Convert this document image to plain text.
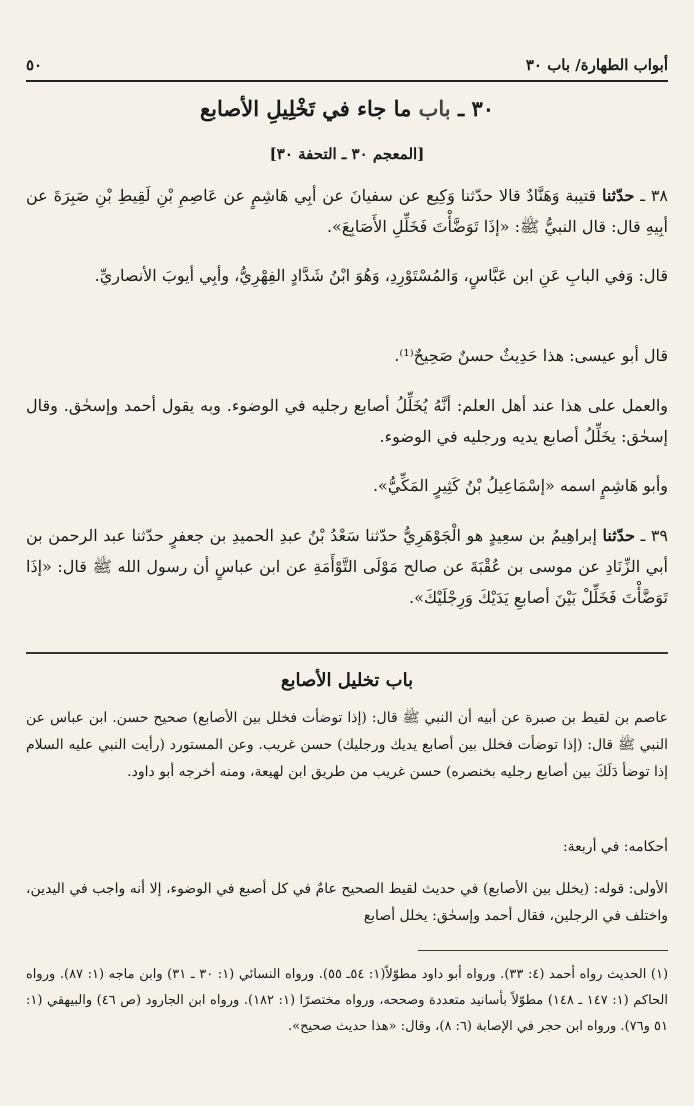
أبواب الطهارة/ باب ٣٠
٥٠
٣٠ ـ باب ما جاء في تَخْلِيلِ الأصابع
[المعجم ٣٠ ـ التحفة ٣٠]

٣٨ ـ حدّثنا قتيبة وَهَنَّادٌ قالا حدّثنا وَكِيع عن سفيانَ عن أبِي هَاشِمٍ عن عَاصِمِ بْنِ لَقِيطِ بْنِ صَبِرَةَ عن أبِيهِ قال: قال النبيُّ ﷺ: «إذَا تَوَضَّأْتَ فَخَلِّلِ الأَصَابِعَ».

قال: وَفي البابِ عَنِ ابن عَبَّاسٍ، وَالمُسْتَوْرِدِ، وَهُوَ ابْنُ شَدَّادٍ الفِهْرِيُّ، وأبِي أيوبَ الأنصاريِّ.

قال أبو عيسى: هذا حَدِيثٌ حسنٌ صَحِيحٌ⁽¹⁾.

والعمل على هذا عند أهل العلم: أنَّهُ يُخَلِّلُ أصابع رجليه في الوضوء. وبه يقول أحمد وإسحٰق. وقال إسحٰق: يخَلِّلُ أصابع يديه ورجليه في الوضوء.

وأبو هَاشِمٍ اسمه «إسْمَاعِيلُ بْنُ كَثِيرٍ المَكِّيُّ».

٣٩ ـ حدّثنا إبراهِيمُ بن سعِيدٍ هو الْجَوْهَرِيُّ حدّثنا سَعْدُ بْنُ عبدِ الحميدِ بن جعفرٍ حدّثنا عبد الرحمن بن أبي الزِّنَادِ عن موسى بن عُقْبَةَ عن صالح مَوْلَى التَّوْأَمَةِ عن ابن عباسٍ أن رسول الله ﷺ قال: «إذَا تَوَضَّأْتَ فَخَلِّلْ بَيْنَ أصابعِ يَدَيْكَ وَرِجْلَيْكَ».

باب تخليل الأصابع

عاصم بن لقيط بن صبرة عن أبيه أن النبي ﷺ قال: (إذا توضأت فخلل بين الأصابع) صحيح حسن. ابن عباس عن النبي ﷺ قال: (إذا توضأت فخلل بين أصابع يديك ورجليك) حسن غريب. وعن المستورد (رأيت النبي عليه السلام إذا توضأ دَلَكَ بين أصابع رجليه بخنصره) حسن غريب من طريق ابن لهيعة، ومنه أخرجه أبو داود.

أحكامه: في أربعة:

الأولى: قوله: (يخلل بين الأصابع) في حديث لقيط الصحيح عامٌ في كل أصبع في الوضوء، إلا أنه واجب في اليدين، واختلف في الرجلين، فقال أحمد وإسحٰق: يخلل أصابع

(١) الحديث رواه أحمد (٤: ٣٣). ورواه أبو داود مطوّلاً(١: ٥٤ـ ٥٥). ورواه النسائي (١: ٣٠ ـ ٣١) وابن ماجه (١: ٨٧). ورواه الحاكم (١: ١٤٧ ـ ١٤٨) مطوّلاً بأسانيد متعددة وصححه، ورواه مختصرًا (١: ١٨٢). ورواه ابن الجارود (ص ٤٦) والبيهقي (١: ٥١ و٧٦). ورواه ابن حجر في الإصابة (٦: ٨)، وقال: «هذا حديث صحيح».
